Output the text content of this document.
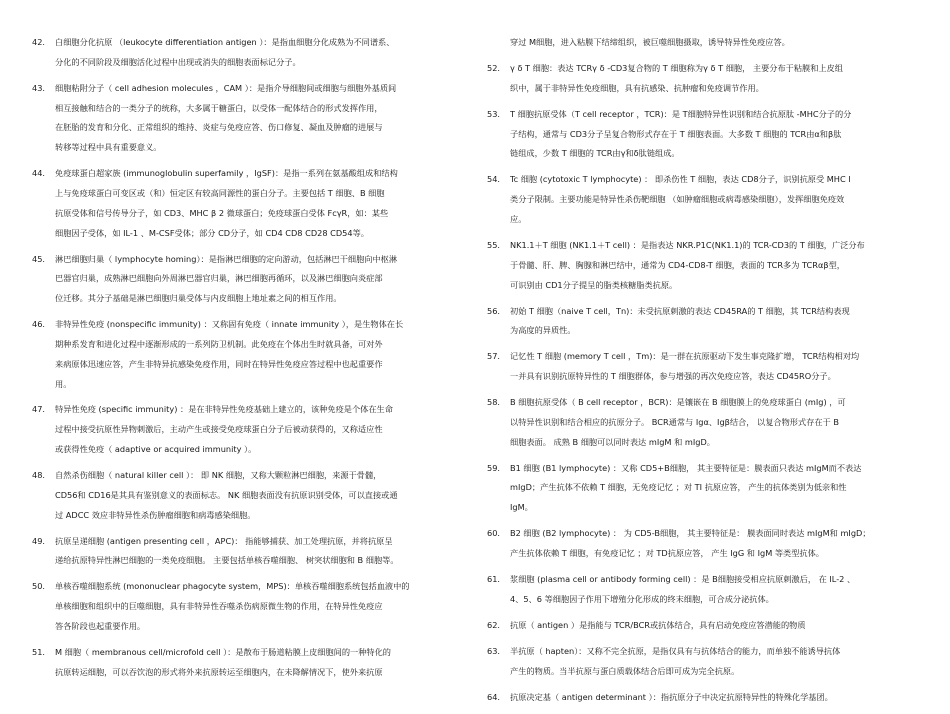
42. 白细胞分化抗原 （leukocyte differentiation antigen ）：是指血细胞分化成熟为不同谱系、
分化的不同阶段及细胞活化过程中出现或消失的细胞表面标记分子。
43. 细胞粘附分子（ cell adhesion molecules ，CAM ）：是指介导细胞间或细胞与细胞外基质间
相互接触和结合的一类分子的统称，大多属于糖蛋白，以受体一配体结合的形式发挥作用，
在胚胎的发育和分化、正常组织的维持、炎症与免疫应答、伤口修复、凝血及肿瘤的进展与
转移等过程中具有重要意义。
44. 免疫球蛋白超家族 (immunoglobulin superfamily ，IgSF)：是指一系列在氨基酸组成和结构
上与免疫球蛋白可变区或（和）恒定区有较高同源性的蛋白分子。主要包括 T 细胞、B 细胞
抗原受体和信号传导分子，如 CD3、MHC β 2 微球蛋白；免疫球蛋白受体 FcγR，如：某些
细胞因子受体，如 IL-1 、M-CSF受体；部分 CD分子，如 CD4 CD8 CD28 CD54等。
45. 淋巴细胞归巢（ lymphocyte homing）：是指淋巴细胞的定向游动，包括淋巴干细胞向中枢淋
巴器官归巢，成熟淋巴细胞向外周淋巴器官归巢，淋巴细胞再循环，以及淋巴细胞向炎症部
位迁移。其分子基础是淋巴细胞归巢受体与内皮细胞上地址素之间的相互作用。
46. 非特异性免疫 (nonspecific immunity) ：又称固有免疫（ innate immunity ），是生物体在长
期种系发育和进化过程中逐渐形成的一系列防卫机制。此免疫在个体出生时就具备，可对外
来病原体迅速应答，产生非特异抗感染免疫作用，同时在特异性免疫应答过程中也起重要作
用。
47. 特异性免疫 (specific immunity) ：是在非特异性免疫基础上建立的，该种免疫是个体在生命
过程中接受抗原性异物刺激后，主动产生或接受免疫球蛋白分子后被动获得的，又称适应性
或获得性免疫（ adaptive or acquired immunity ）。
48. 自然杀伤细胞（ natural killer cell ）： 即 NK 细胞，又称大颗粒淋巴细胞，来源于骨髓，
CD56和 CD16是其具有鉴别意义的表面标志。 NK 细胞表面没有抗原识别受体，可以直接或通
过 ADCC 效应非特异性杀伤肿瘤细胞和病毒感染细胞。
49. 抗原呈递细胞 (antigen presenting cell ，APC)： 指能够捕获、加工处理抗原，并将抗原呈
递给抗原特异性淋巴细胞的一类免疫细胞。 主要包括单核吞噬细胞、 树突状细胞和 B 细胞等。
50. 单核吞噬细胞系统 (mononuclear phagocyte system，MPS)：单核吞噬细胞系统包括血液中的
单核细胞和组织中的巨噬细胞，具有非特异性吞噬杀伤病原微生物的作用，在特异性免疫应
答各阶段也起重要作用。
51. M 细胞（ membranous cell/microfold cell ）：是散布于肠道粘膜上皮细胞间的一种特化的
抗原转运细胞，可以吞饮泡的形式将外来抗原转运至细胞内，在未降解情况下，使外来抗原
穿过 M细胞，进入粘膜下结缔组织，被巨噬细胞摄取，诱导特异性免疫应答。
52. γ δ T 细胞：表达 TCRγ δ -CD3复合物的 T 细胞称为γ δ T 细胞， 主要分布于粘膜和上皮组
织中，属于非特异性免疫细胞，具有抗感染、抗肿瘤和免疫调节作用。
53. T 细胞抗原受体（T cell receptor ，TCR)：是 T细胞特异性识别和结合抗原肽 -MHC分子的分
子结构，通常与 CD3分子呈复合物形式存在于 T 细胞表面。大多数 T 细胞的 TCR由α和β肽
链组成，少数 T 细胞的 TCR由γ和δ肽链组成。
54. Tc 细胞 (cytotoxic T lymphocyte) ： 即杀伤性 T 细胞，表达 CD8分子，识别抗原受 MHC I
类分子限制。主要功能是特异性杀伤靶细胞 （如肿瘤细胞或病毒感染细胞），发挥细胞免疫效
应。
55. NK1.1＋T 细胞 (NK1.1＋T cell) ：是指表达 NKR.P1C(NK1.1)的 TCR-CD3的 T 细胞，广泛分布
于骨髓、肝、脾、胸腺和淋巴结中，通常为 CD4-CD8-T 细胞，表面的 TCR多为 TCRαβ型，
可识别由 CD1分子提呈的脂类核糖脂类抗原。
56. 初始 T 细胞（naive T cell，Tn)：未受抗原刺激的表达 CD45RA的 T 细胞，其 TCR结构表现
为高度的异质性。
57. 记忆性 T 细胞 (memory T cell ，Tm)：是一群在抗原驱动下发生事克隆扩增， TCR结构相对均
一并具有识别抗原特异性的 T 细胞群体，参与增强的再次免疫应答，表达 CD45RO分子。
58. B 细胞抗原受体（ B cell receptor ，BCR)：是镶嵌在 B 细胞膜上的免疫球蛋白 (mIg) ，可
以特异性识别和结合相应的抗原分子。 BCR通常与 Igα、Igβ结合， 以复合物形式存在于 B
细胞表面。 成熟 B 细胞可以同时表达 mIgM 和 mIgD。
59. B1 细胞 (B1 lymphocyte) ：又称 CD5+B细胞， 其主要特征是：膜表面只表达 mIgM而不表达
mIgD；产生抗体不依赖 T 细胞，无免疫记忆 ；对 TI 抗原应答， 产生的抗体类别为低亲和性
IgM。
60. B2 细胞 (B2 lymphocyte) ： 为 CD5-B细胞， 其主要特征是： 膜表面同时表达 mIgM和 mIgD；
产生抗体依赖 T 细胞，有免疫记忆 ；对 TD抗原应答， 产生 IgG 和 IgM 等类型抗体。
61. 浆细胞 (plasma cell or antibody forming cell) ：是 B细胞接受相应抗原刺激后， 在 IL-2 、
4、5、6 等细胞因子作用下增殖分化形成的终末细胞，可合成分泌抗体。
62. 抗原（ antigen ）是指能与 TCR/BCR或抗体结合，具有启动免疫应答潜能的物质
63. 半抗原（ hapten）：又称不完全抗原，是指仅具有与抗体结合的能力，而单独不能诱导抗体
产生的物质。当半抗原与蛋白质载体结合后即可成为完全抗原。
64. 抗原决定基（ antigen determinant ）：指抗原分子中决定抗原特异性的特殊化学基团。
